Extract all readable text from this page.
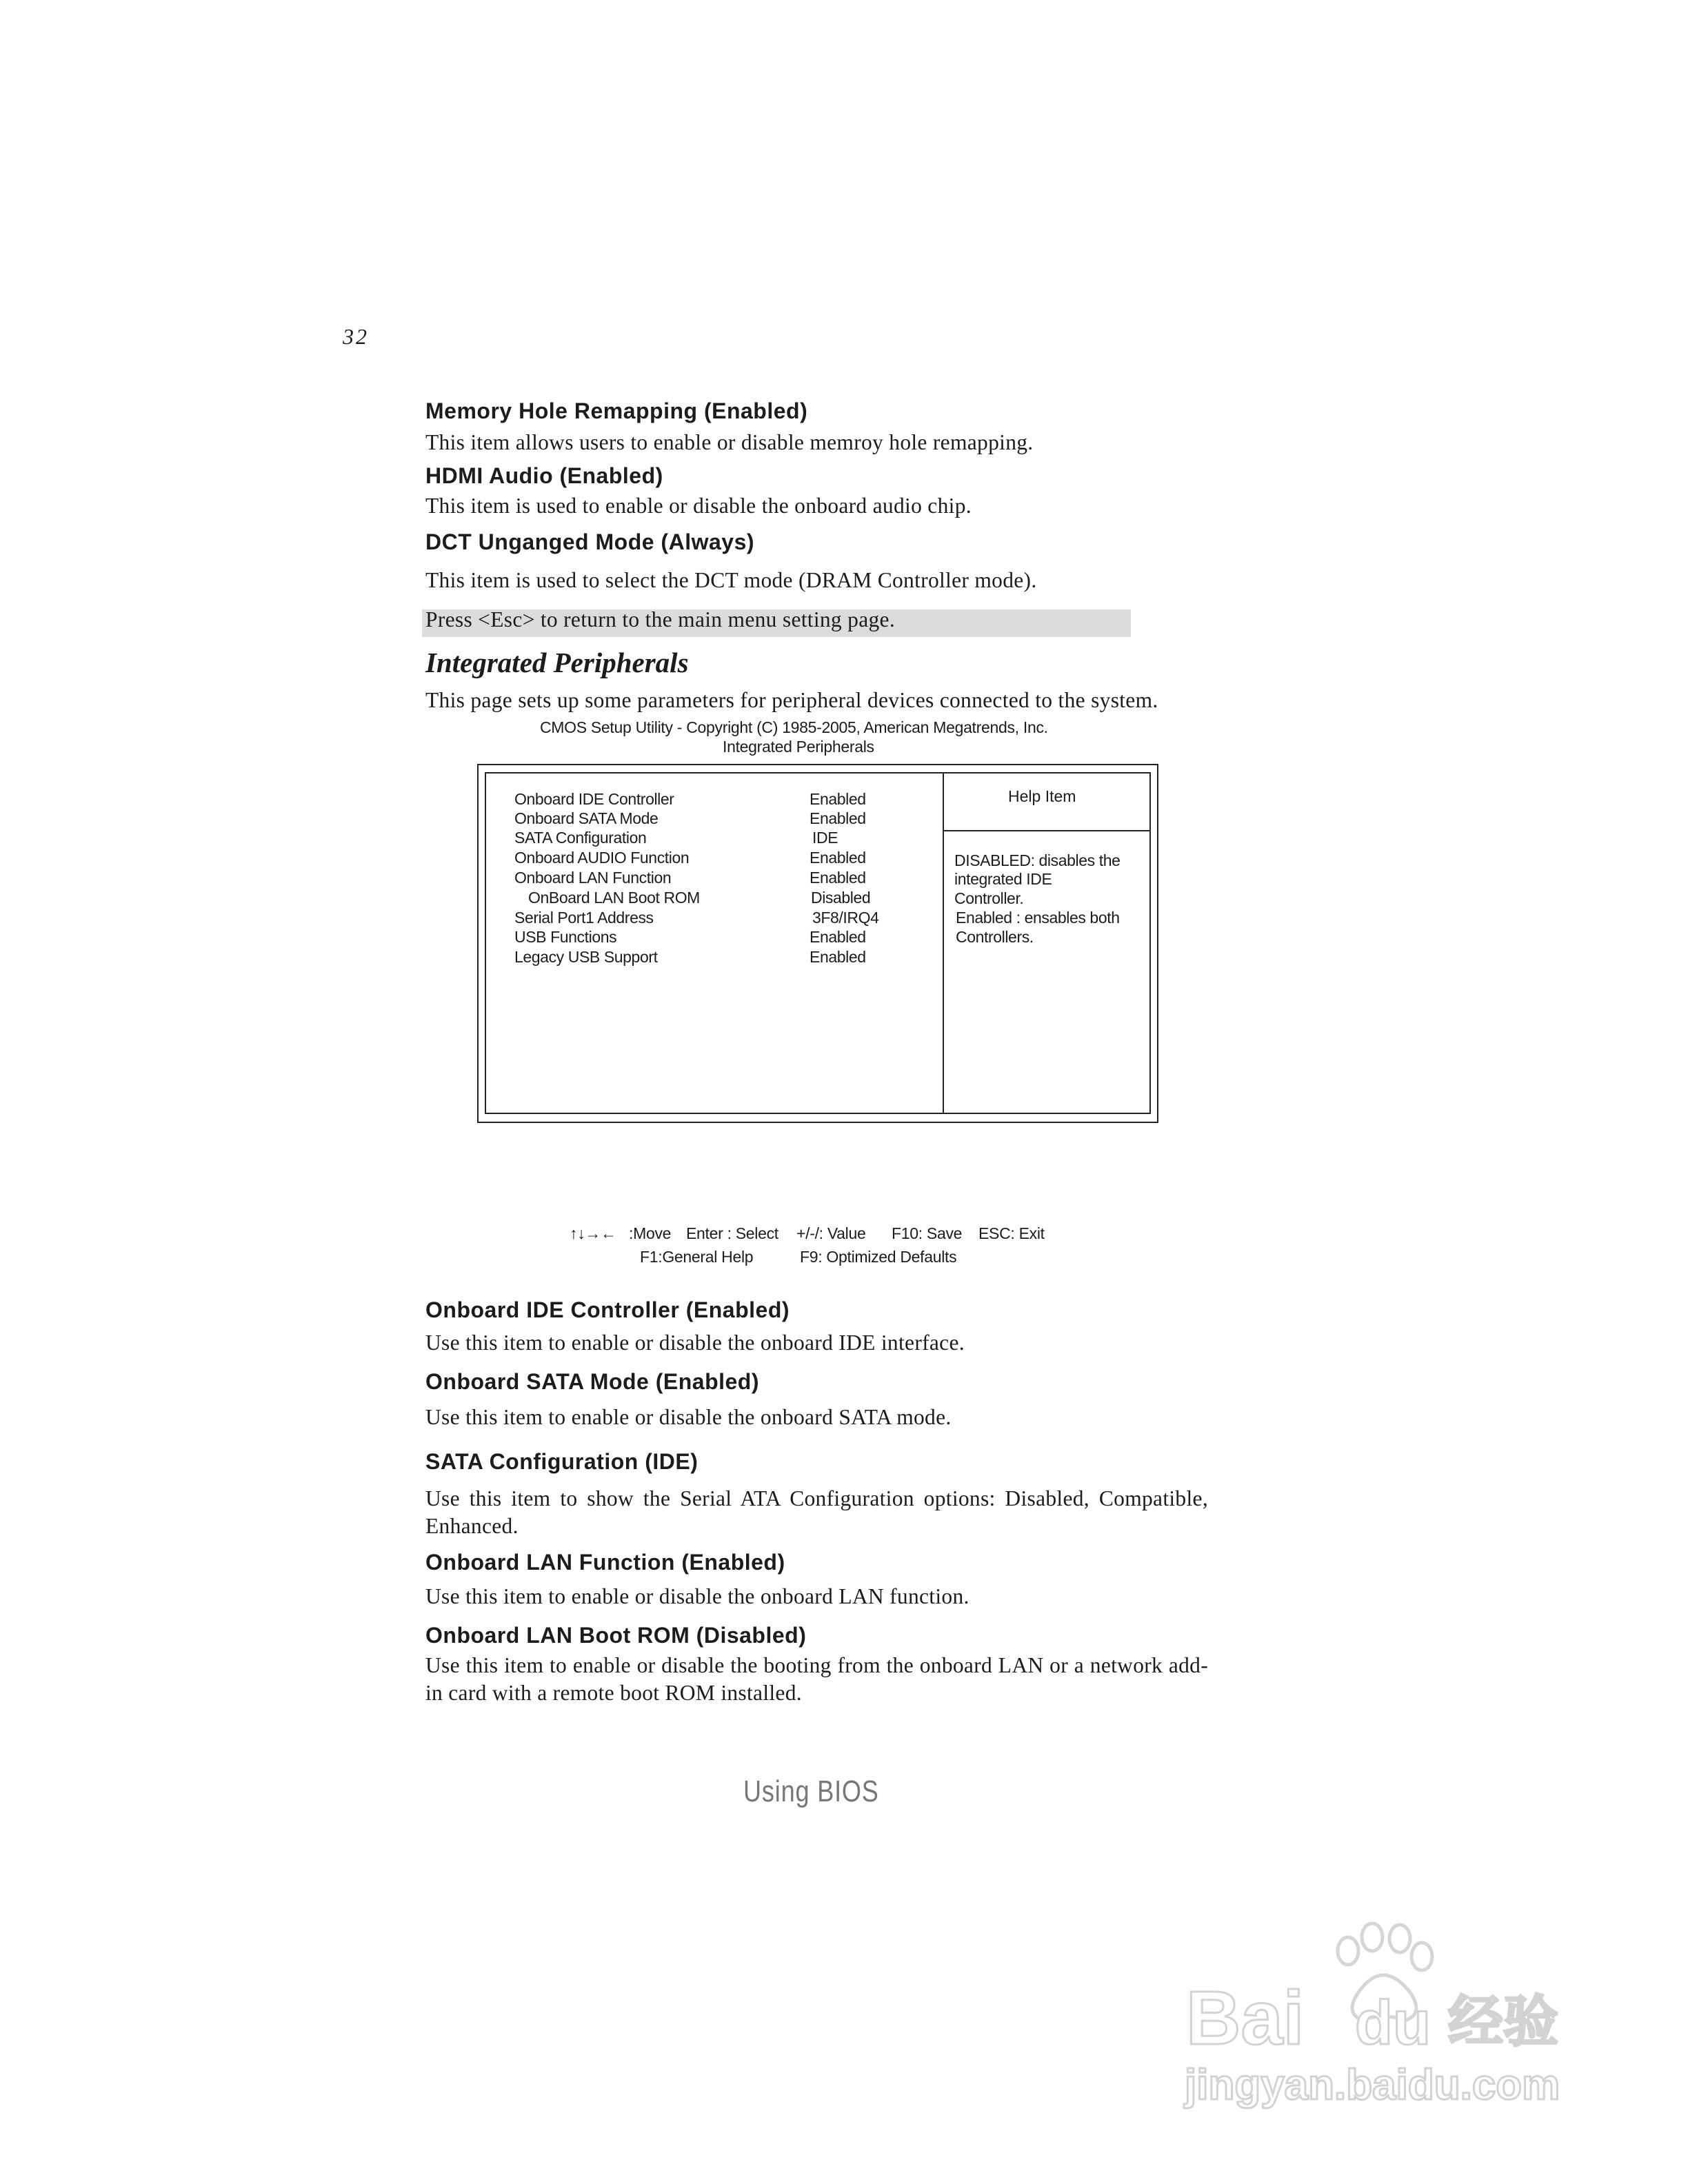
32
Memory Hole Remapping (Enabled)
This item allows users to enable or disable memroy hole remapping.
HDMI Audio (Enabled)
This item is used to enable or disable the onboard audio chip.
DCT Unganged Mode (Always)
This item is used to select the DCT mode (DRAM Controller mode).
Press <Esc> to return to the main menu setting page.
Integrated Peripherals
This page sets up some parameters for peripheral devices connected to the system.
CMOS Setup Utility - Copyright (C) 1985-2005, American Megatrends, Inc.
Integrated Peripherals
Onboard IDE Controller	Enabled
Onboard SATA Mode	Enabled
SATA Configuration	IDE
Onboard AUDIO Function	Enabled
Onboard LAN Function	Enabled
OnBoard LAN Boot ROM	Disabled
Serial Port1 Address	3F8/IRQ4
USB Functions	Enabled
Legacy USB Support	Enabled
Help Item
DISABLED: disables the
integrated IDE
Controller.
Enabled : ensables both
Controllers.
↑↓→← :Move Enter : Select +/-/: Value F10: Save ESC: Exit
F1:General Help	F9: Optimized Defaults
Onboard IDE Controller (Enabled)
Use this item to enable or disable the onboard IDE interface.
Onboard SATA Mode (Enabled)
Use this item to enable or disable the onboard SATA mode.
SATA Configuration (IDE)
Use this item to show the Serial ATA Configuration options: Disabled, Compatible, Enhanced.
Onboard LAN Function (Enabled)
Use this item to enable or disable the onboard LAN function.
Onboard LAN Boot ROM (Disabled)
Use this item to enable or disable the booting from the onboard LAN or a network add-in card with a remote boot ROM installed.
Using BIOS
Bai du 经验
jingyan.baidu.com
